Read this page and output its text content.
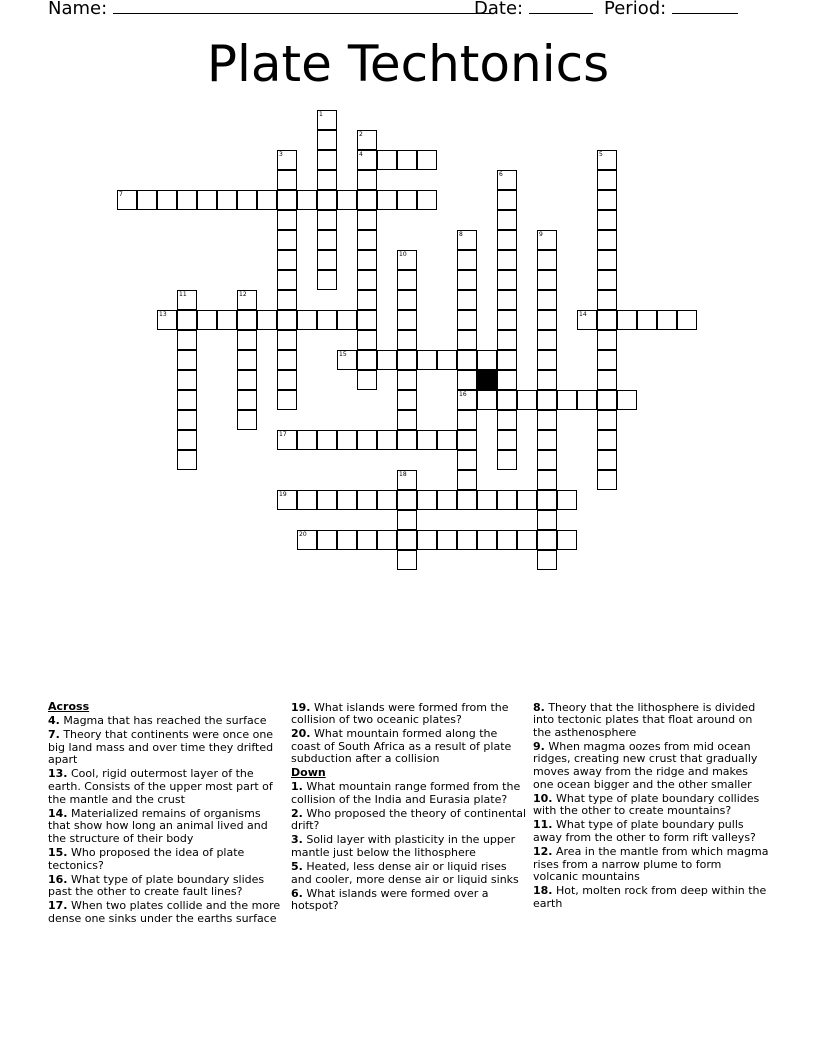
Name:	Date:	Period:
Plate Techtonics
1
2
4
3	5
6
7
8
16
9
10
11	12
13	14
15
17
18
19
20
Across
4. Magma that has reached the surface
7. Theory that continents were once one big land mass and over time they drifted apart
13. Cool, rigid outermost layer of the earth. Consists of the upper most part of the mantle and the crust
14. Materialized remains of organisms that show how long an animal lived and the structure of their body
15. Who proposed the idea of plate tectonics?
16. What type of plate boundary slides past the other to create fault lines?
17. When two plates collide and the more dense one sinks under the earths surface
19. What islands were formed from the collision of two oceanic plates?
20. What mountain formed along the coast of South Africa as a result of plate subduction after a collision
Down
1. What mountain range formed from the collision of the India and Eurasia plate?
2. Who proposed the theory of continental drift?
3. Solid layer with plasticity in the upper mantle just below the lithosphere
5. Heated, less dense air or liquid rises and cooler, more dense air or liquid sinks
6. What islands were formed over a hotspot?
8. Theory that the lithosphere is divided into tectonic plates that float around on the asthenosphere
9. When magma oozes from mid ocean ridges, creating new crust that gradually moves away from the ridge and makes one ocean bigger and the other smaller
10. What type of plate boundary collides with the other to create mountains?
11. What type of plate boundary pulls away from the other to form rift valleys?
12. Area in the mantle from which magma rises from a narrow plume to form volcanic mountains
18. Hot, molten rock from deep within the earth
